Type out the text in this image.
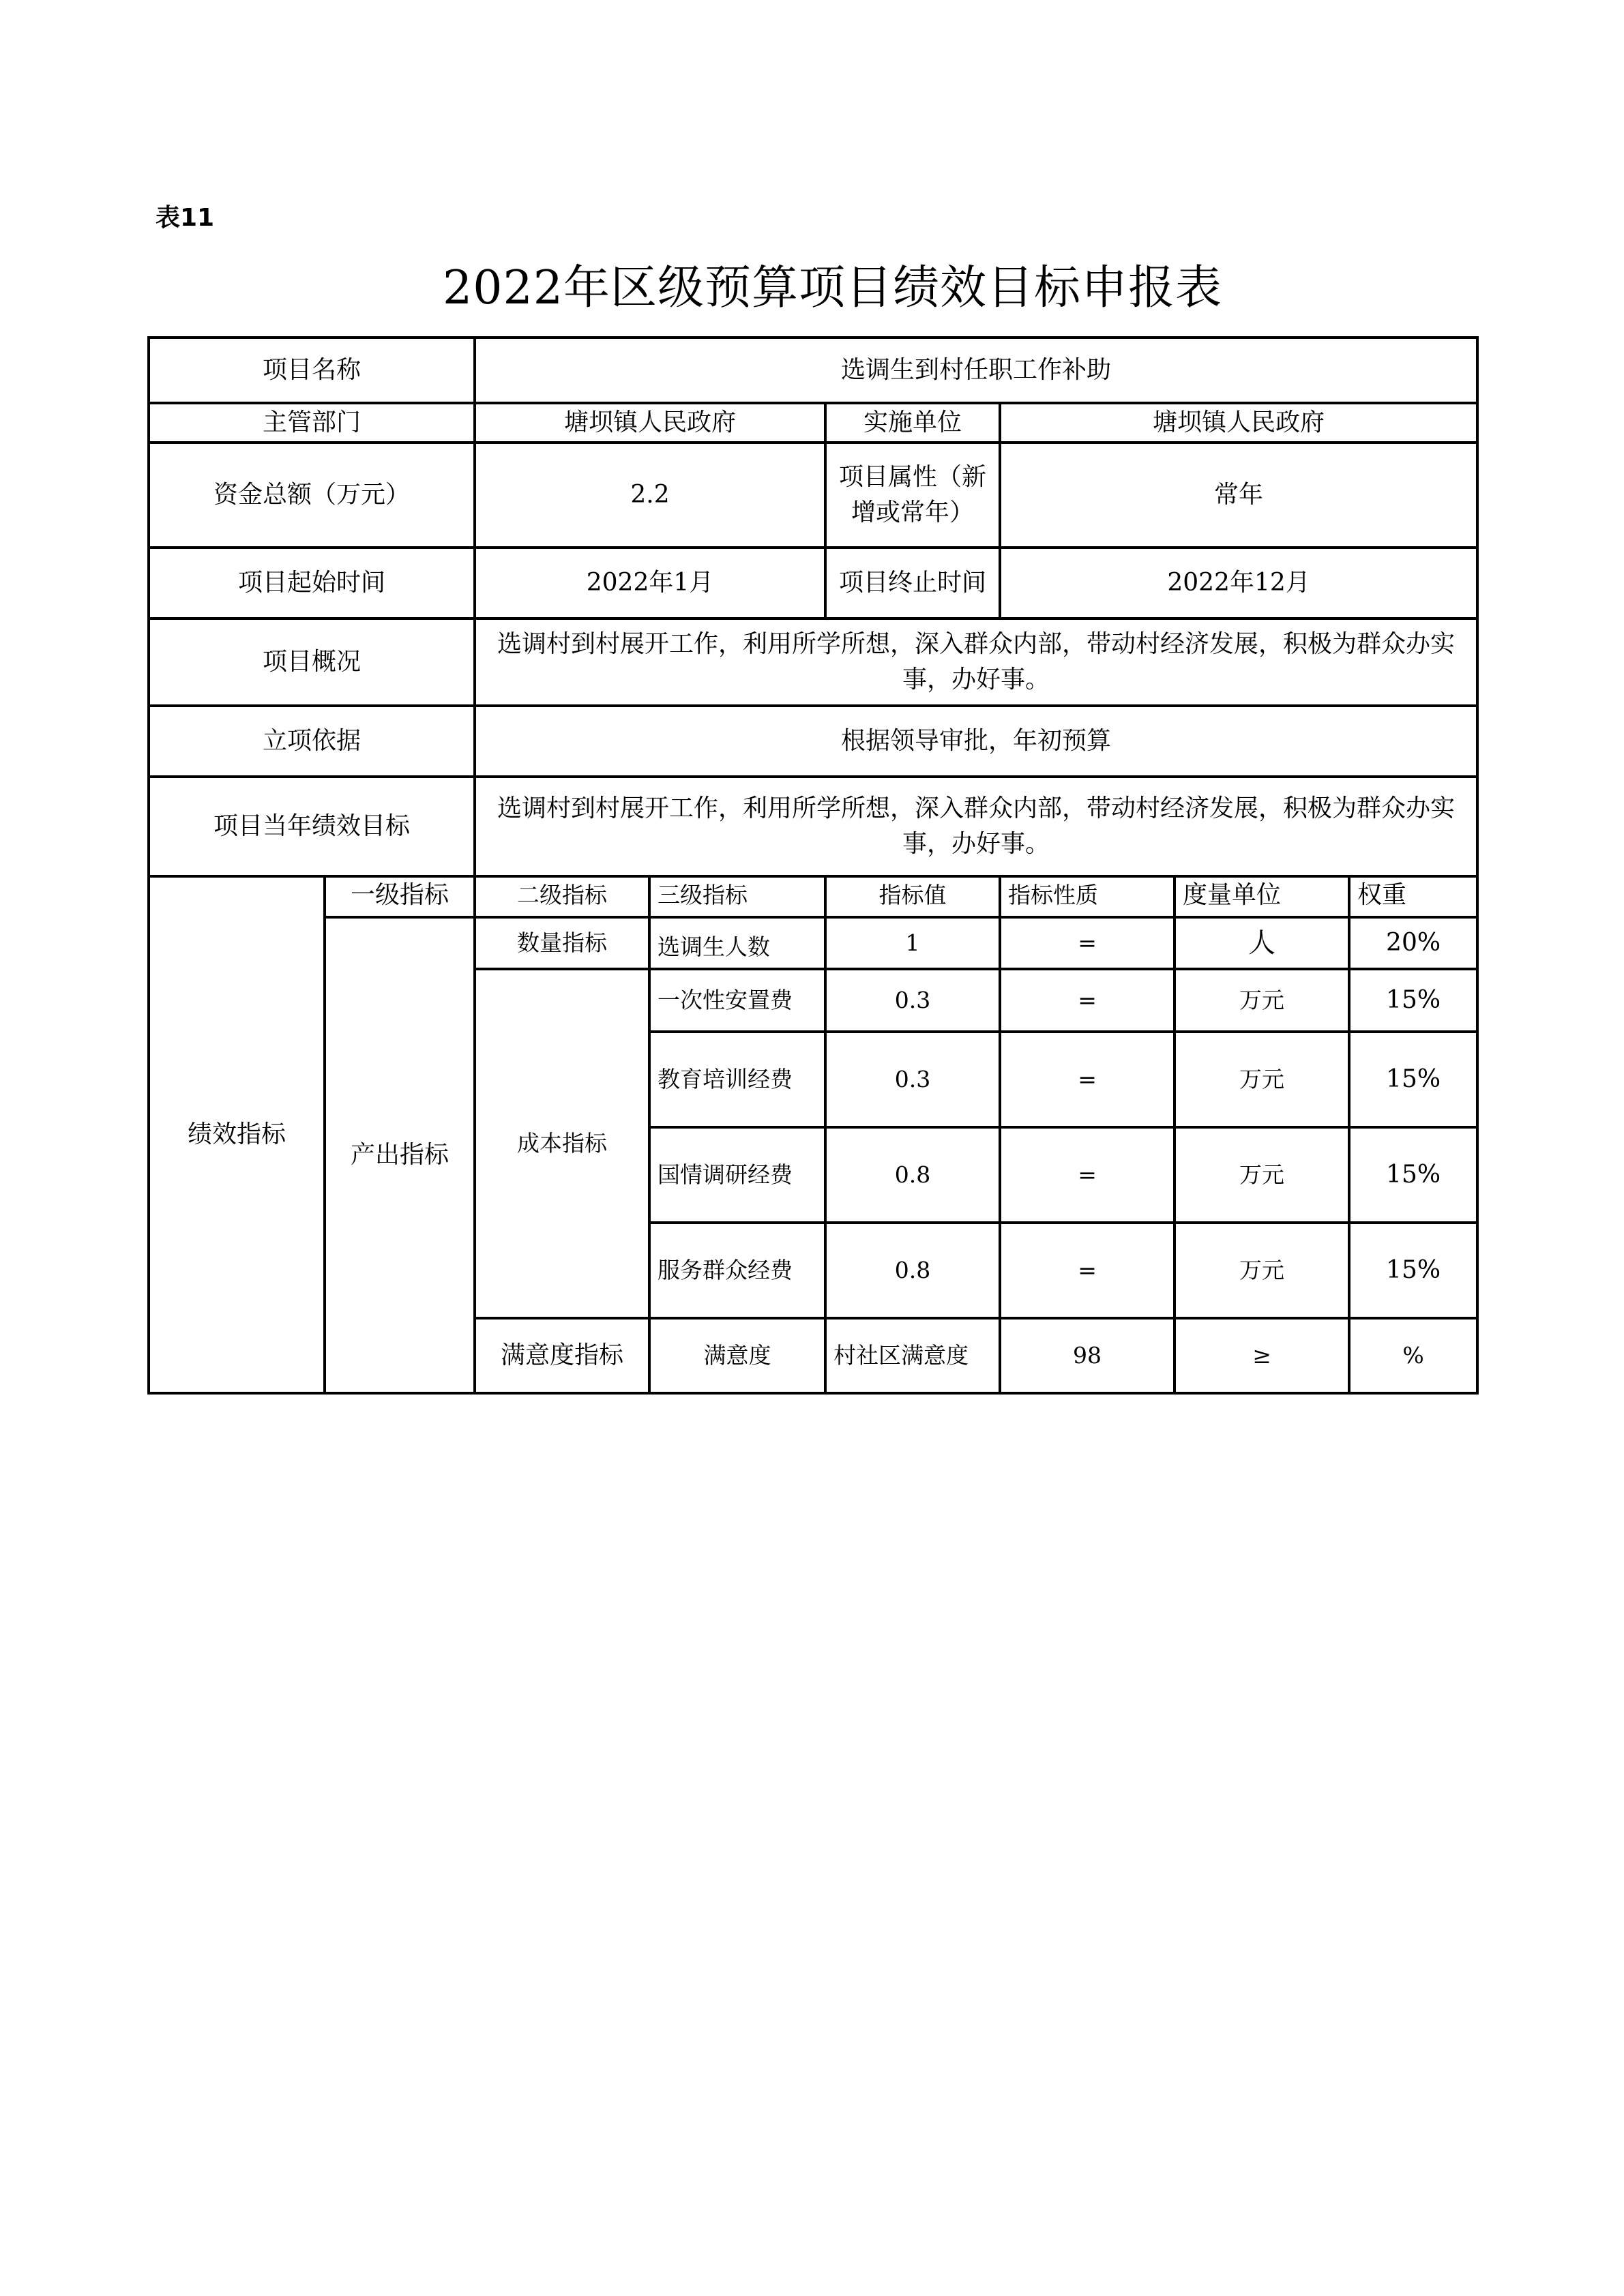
表11
2022年区级预算项目绩效目标申报表
项目名称		选调生到村任职工作补助						
主管部门		塘坝镇人民政府		实施单位	塘坝镇人民政府			
资金总额（万元）		2.2		项目属性（新增或常年）	常年			
项目起始时间		2022年1月		项目终止时间	2022年12月			
项目概况		选调村到村展开工作，利用所学所想，深入群众内部，带动村经济发展，积极为群众办实事，办好事。						
立项依据		根据领导审批，年初预算						
项目当年绩效目标		选调村到村展开工作，利用所学所想，深入群众内部，带动村经济发展，积极为群众办实事，办好事。						
绩效指标	一级指标	二级指标	三级指标	指标值	指标性质	度量单位	权重	
	产出指标	数量指标	选调生人数	1	=	人	20%	
		成本指标	一次性安置费	0.3	=	万元	15%	
			教育培训经费	0.3	=	万元	15%	
			国情调研经费	0.8	=	万元	15%	
			服务群众经费	0.8	=	万元	15%	
		满意度指标	满意度	村社区满意度	98	≥	%	
